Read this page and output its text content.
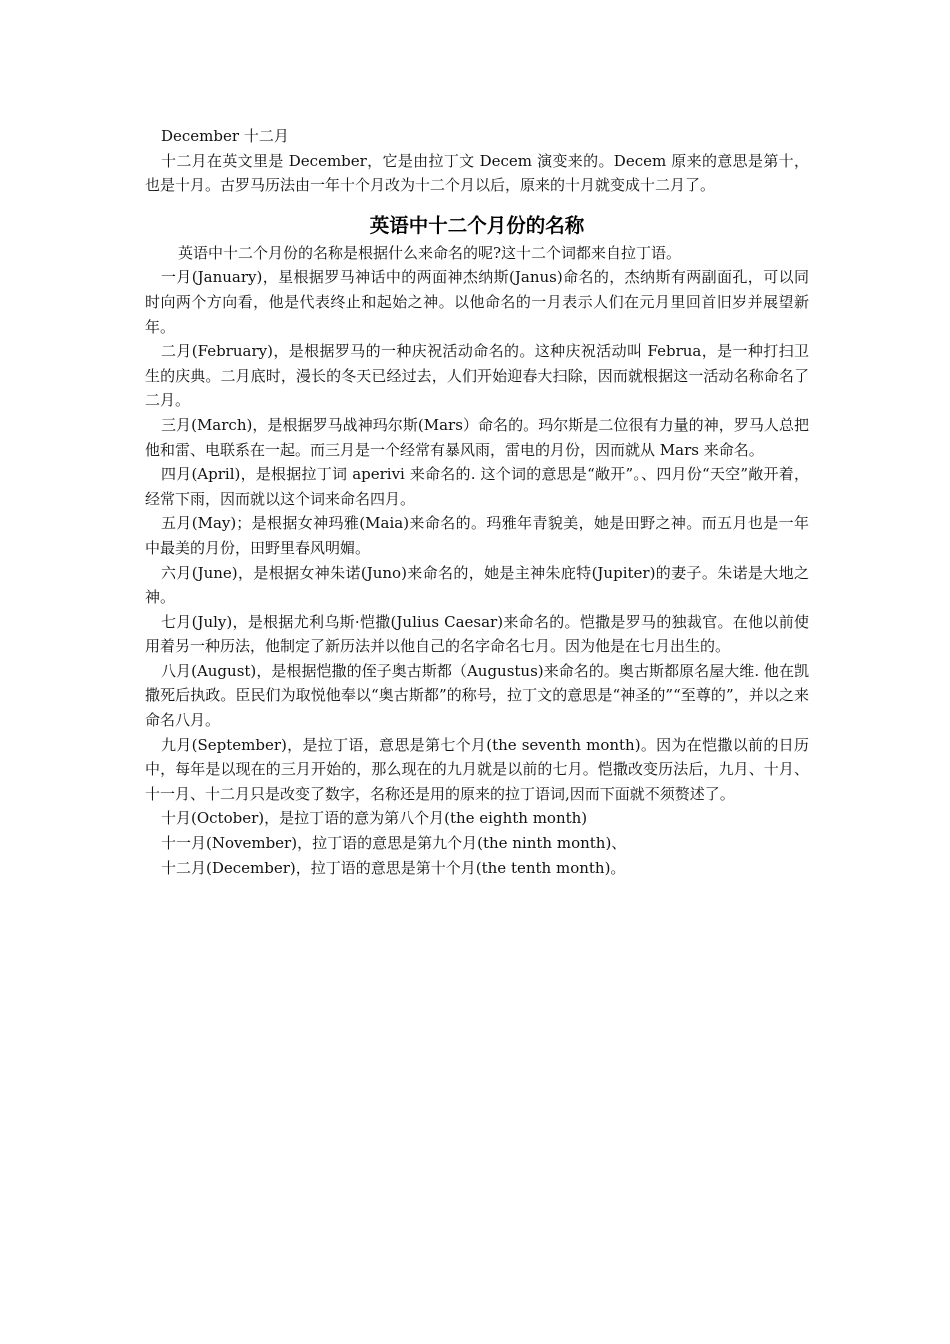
December 十二月

十二月在英文里是 December，它是由拉丁文 Decem 演变来的。Decem 原来的意思是第十，也是十月。古罗马历法由一年十个月改为十二个月以后，原来的十月就变成十二月了。

英语中十二个月份的名称

英语中十二个月份的名称是根据什么来命名的呢?这十二个词都来自拉丁语。

一月(January)，星根据罗马神话中的两面神杰纳斯(Janus)命名的，杰纳斯有两副面孔，可以同时向两个方向看，他是代表终止和起始之神。以他命名的一月表示人们在元月里回首旧岁并展望新年。

二月(February)，是根据罗马的一种庆祝活动命名的。这种庆祝活动叫 Februa，是一种打扫卫生的庆典。二月底时，漫长的冬天已经过去，人们开始迎春大扫除，因而就根据这一活动名称命名了二月。

三月(March)，是根据罗马战神玛尔斯(Mars）命名的。玛尔斯是二位很有力量的神，罗马人总把他和雷、电联系在一起。而三月是一个经常有暴风雨，雷电的月份，因而就从 Mars 来命名。

四月(April)，是根据拉丁词 aperivi 来命名的. 这个词的意思是“敞开”。、四月份“天空”敞开着，经常下雨，因而就以这个词来命名四月。

五月(May)；是根据女神玛雅(Maia)来命名的。玛雅年青貌美，她是田野之神。而五月也是一年中最美的月份，田野里春风明媚。

六月(June)，是根据女神朱诺(Juno)来命名的，她是主神朱庇特(Jupiter)的妻子。朱诺是大地之神。

七月(July)，是根据尤利乌斯·恺撒(Julius Caesar)来命名的。恺撒是罗马的独裁官。在他以前使用着另一种历法，他制定了新历法并以他自己的名字命名七月。因为他是在七月出生的。

八月(August)，是根据恺撒的侄子奥古斯都（Augustus)来命名的。奥古斯都原名屋大维. 他在凯撒死后执政。臣民们为取悦他奉以“奥古斯都”的称号，拉丁文的意思是“神圣的”“至尊的”，并以之来命名八月。

九月(September)，是拉丁语，意思是第七个月(the seventh month)。因为在恺撒以前的日历中，每年是以现在的三月开始的，那么现在的九月就是以前的七月。恺撒改变历法后，九月、十月、十一月、十二月只是改变了数字，名称还是用的原来的拉丁语词,因而下面就不须赘述了。

十月(October)，是拉丁语的意为第八个月(the eighth month)

十一月(November)，拉丁语的意思是第九个月(the ninth month)、

十二月(December)，拉丁语的意思是第十个月(the tenth month)。
